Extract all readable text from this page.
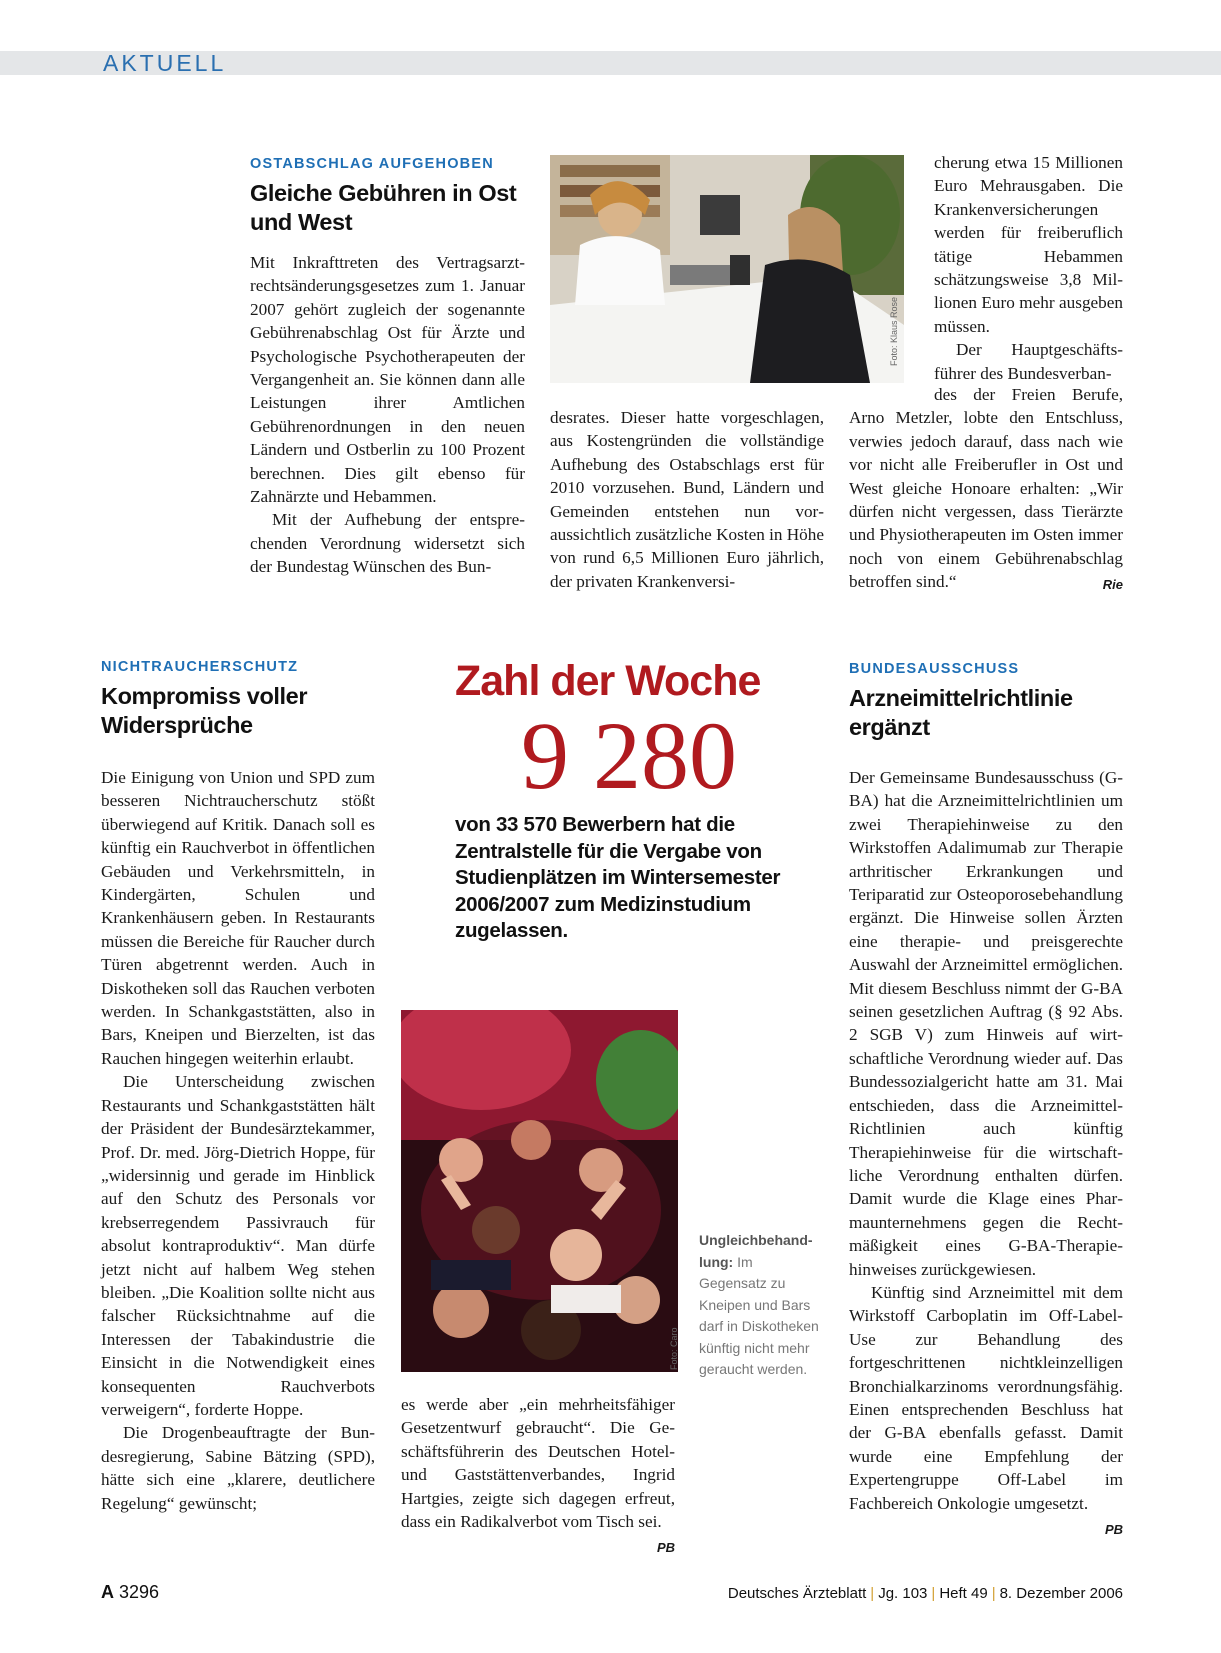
AKTUELL
OSTABSCHLAG AUFGEHOBEN
Gleiche Gebühren in Ost
und West

Mit Inkrafttreten des Vertragsarztrechtsänderungsgesetzes zum 1. Januar 2007 gehört zugleich der sogenannte Gebührenabschlag Ost für Ärzte und Psychologische Psychotherapeuten der Vergangenheit an. Sie können dann alle Leistungen ihrer Amtlichen Gebührenordnungen in den neuen Ländern und Ostberlin zu 100 Prozent berechnen. Dies gilt ebenso für Zahnärzte und Hebammen.

Mit der Aufhebung der entsprechenden Verordnung widersetzt sich der Bundestag Wünschen des Bun-

Foto: Klaus Rose

desrates. Dieser hatte vorgeschlagen, aus Kostengründen die vollständige Aufhebung des Ostabschlags erst für 2010 vorzusehen. Bund, Ländern und Gemeinden entstehen nun voraussichtlich zusätzliche Kosten in Höhe von rund 6,5 Millionen Euro jährlich, der privaten Krankenversi-

cherung etwa 15 Millionen Euro Mehrausgaben. Die Krankenversicherungen werden für freiberuflich tätige Hebammen schätzungsweise 3,8 Millionen Euro mehr ausgeben müssen.

Der Hauptgeschäftsführer des Bundesverban-

des der Freien Berufe, Arno Metzler, lobte den Entschluss, verwies jedoch darauf, dass nach wie vor nicht alle Freiberufler in Ost und West gleiche Honoare erhalten: „Wir dürfen nicht vergessen, dass Tierärzte und Physiotherapeuten im Osten immer noch von einem Gebührenabschlag betroffen sind.“	Rie

NICHTRAUCHERSCHUTZ
Kompromiss voller
Widersprüche

Die Einigung von Union und SPD zum besseren Nichtraucherschutz stößt überwiegend auf Kritik. Danach soll es künftig ein Rauchverbot in öffentlichen Gebäuden und Verkehrsmitteln, in Kindergärten, Schulen und Krankenhäusern geben. In Restaurants müssen die Bereiche für Raucher durch Türen abgetrennt werden. Auch in Diskotheken soll das Rauchen verboten werden. In Schankgaststätten, also in Bars, Kneipen und Bierzelten, ist das Rauchen hingegen weiterhin erlaubt.

Die Unterscheidung zwischen Restaurants und Schankgaststätten hält der Präsident der Bundesärztekammer, Prof. Dr. med. Jörg-Dietrich Hoppe, für „widersinnig und gerade im Hinblick auf den Schutz des Personals vor krebserregendem Passivrauch für absolut kontraproduktiv“. Man dürfe jetzt nicht auf halbem Weg stehen bleiben. „Die Koalition sollte nicht aus falscher Rücksichtnahme auf die Interessen der Tabakindustrie die Einsicht in die Notwendigkeit eines konsequenten Rauchverbots verweigern“, forderte Hoppe.

Die Drogenbeauftragte der Bundesregierung, Sabine Bätzing (SPD), hätte sich eine „klarere, deutlichere Regelung“ gewünscht;

Zahl der Woche
9 280
von 33 570 Bewerbern hat die Zentralstelle für die Vergabe von Studienplätzen im Wintersemester 2006/2007 zum Medizinstudium zugelassen.
Foto: Caro
Ungleichbehandlung: Im Gegensatz zu Kneipen und Bars darf in Diskotheken künftig nicht mehr geraucht werden.

es werde aber „ein mehrheitsfähiger Gesetzentwurf gebraucht“. Die Geschäftsführerin des Deutschen Hotel- und Gaststättenverbandes, Ingrid Hartgies, zeigte sich dagegen erfreut, dass ein Radikalverbot vom Tisch sei.
PB

BUNDESAUSSCHUSS
Arzneimittelrichtlinie
ergänzt

Der Gemeinsame Bundesausschuss (G-BA) hat die Arzneimittelrichtlinien um zwei Therapiehinweise zu den Wirkstoffen Adalimumab zur Therapie arthritischer Erkrankungen und Teriparatid zur Osteoporosebehandlung ergänzt. Die Hinweise sollen Ärzten eine therapie- und preisgerechte Auswahl der Arzneimittel ermöglichen. Mit diesem Beschluss nimmt der G-BA seinen gesetzlichen Auftrag (§ 92 Abs. 2 SGB V) zum Hinweis auf wirtschaftliche Verordnung wieder auf. Das Bundessozialgericht hatte am 31. Mai entschieden, dass die Arzneimittel-Richtlinien auch künftig Therapiehinweise für die wirtschaftliche Verordnung enthalten dürfen. Damit wurde die Klage eines Pharmaunternehmens gegen die Rechtmäßigkeit eines G-BA-Therapiehinweises zurückgewiesen.

Künftig sind Arzneimittel mit dem Wirkstoff Carboplatin im Off-Label-Use zur Behandlung des fortgeschrittenen nichtkleinzelligen Bronchialkarzinoms verordnungsfähig. Einen entsprechenden Beschluss hat der G-BA ebenfalls gefasst. Damit wurde eine Empfehlung der Expertengruppe Off-Label im Fachbereich Onkologie umgesetzt.
PB

A 3296	Deutsches Ärzteblatt | Jg. 103 | Heft 49 | 8. Dezember 2006
